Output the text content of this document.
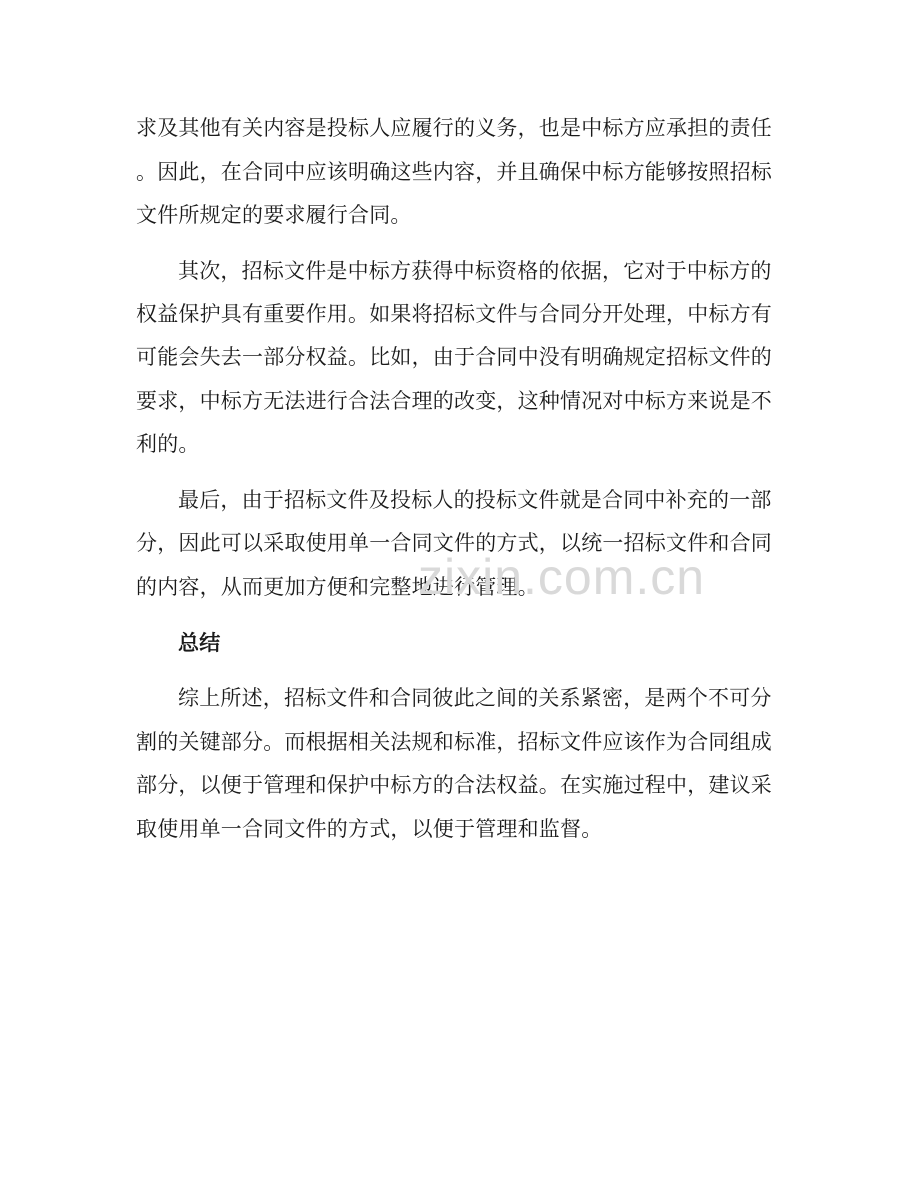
求及其他有关内容是投标人应履行的义务，也是中标方应承担的责任
。因此，在合同中应该明确这些内容，并且确保中标方能够按照招标
文件所规定的要求履行合同。
其次，招标文件是中标方获得中标资格的依据，它对于中标方的
权益保护具有重要作用。如果将招标文件与合同分开处理，中标方有
可能会失去一部分权益。比如，由于合同中没有明确规定招标文件的
要求，中标方无法进行合法合理的改变，这种情况对中标方来说是不
利的。
最后，由于招标文件及投标人的投标文件就是合同中补充的一部
分，因此可以采取使用单一合同文件的方式，以统一招标文件和合同
的内容，从而更加方便和完整地进行管理。
总结
综上所述，招标文件和合同彼此之间的关系紧密，是两个不可分
割的关键部分。而根据相关法规和标准，招标文件应该作为合同组成
部分，以便于管理和保护中标方的合法权益。在实施过程中，建议采
取使用单一合同文件的方式，以便于管理和监督。
zixin.com.cn
